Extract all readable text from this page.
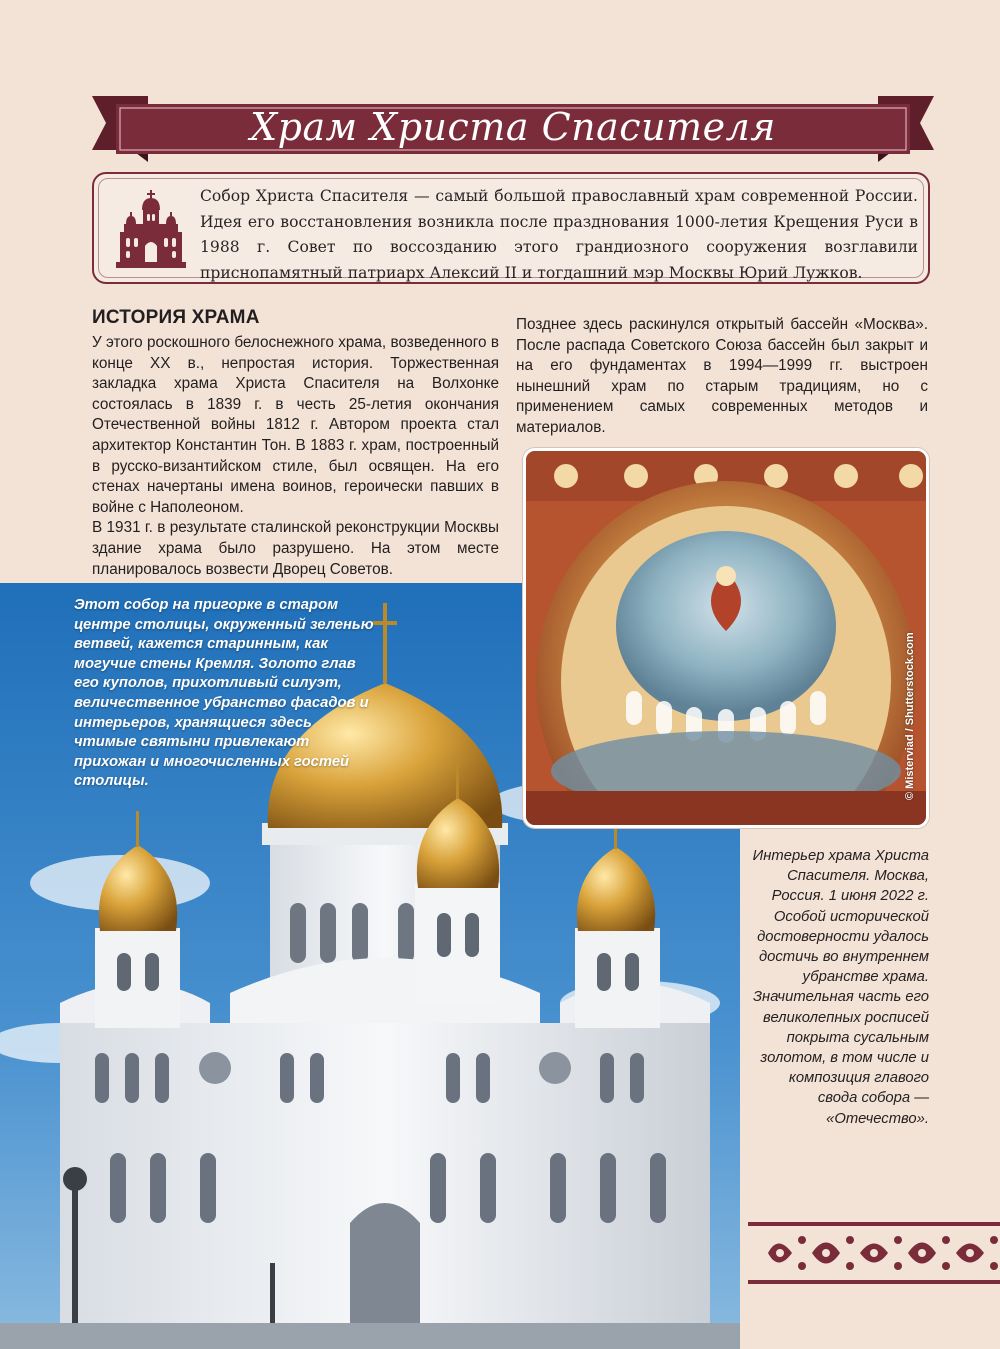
Храм Христа Спасителя

Собор Христа Спасителя — самый большой православный храм современной России. Идея его восстановления возникла после празднования 1000-летия Крещения Руси в 1988 г. Совет по воссозданию этого грандиозного сооружения возглавили приснопамятный патриарх Алексий II и тогдашний мэр Москвы Юрий Лужков.

ИСТОРИЯ ХРАМА

У этого роскошного белоснежного храма, возведенного в конце XX в., непростая история. Торжественная закладка храма Христа Спасителя на Волхонке состоялась в 1839 г. в честь 25-летия окончания Отечественной войны 1812 г. Автором проекта стал архитектор Константин Тон. В 1883 г. храм, построенный в русско-византийском стиле, был освящен. На его стенах начертаны имена воинов, героически павших в войне с Наполеоном.

В 1931 г. в результате сталинской реконструкции Москвы здание храма было разрушено. На этом месте планировалось возвести Дворец Советов.

Позднее здесь раскинулся открытый бассейн «Москва». После распада Советского Союза бассейн был закрыт и на его фундаментах в 1994—1999 гг. выстроен нынешний храм по старым традициям, но с применением самых современных методов и материалов.

Этот собор на пригорке в старом центре столицы, окруженный зеленью ветвей, кажется старинным, как могучие стены Кремля. Золото глав его куполов, прихотливый силуэт, величественное убранство фасадов и интерьеров, хранящиеся здесь чтимые святыни привлекают прихожан и многочисленных гостей столицы.	© Misterviad / Shutterstock.com

Интерьер храма Христа Спасителя. Москва, Россия. 1 июня 2022 г. Особой исторической достоверности удалось достичь во внутреннем убранстве храма. Значительная часть его великолепных росписей покрыта сусальным золотом, в том числе и композиция главого свода собора — «Отечество».
